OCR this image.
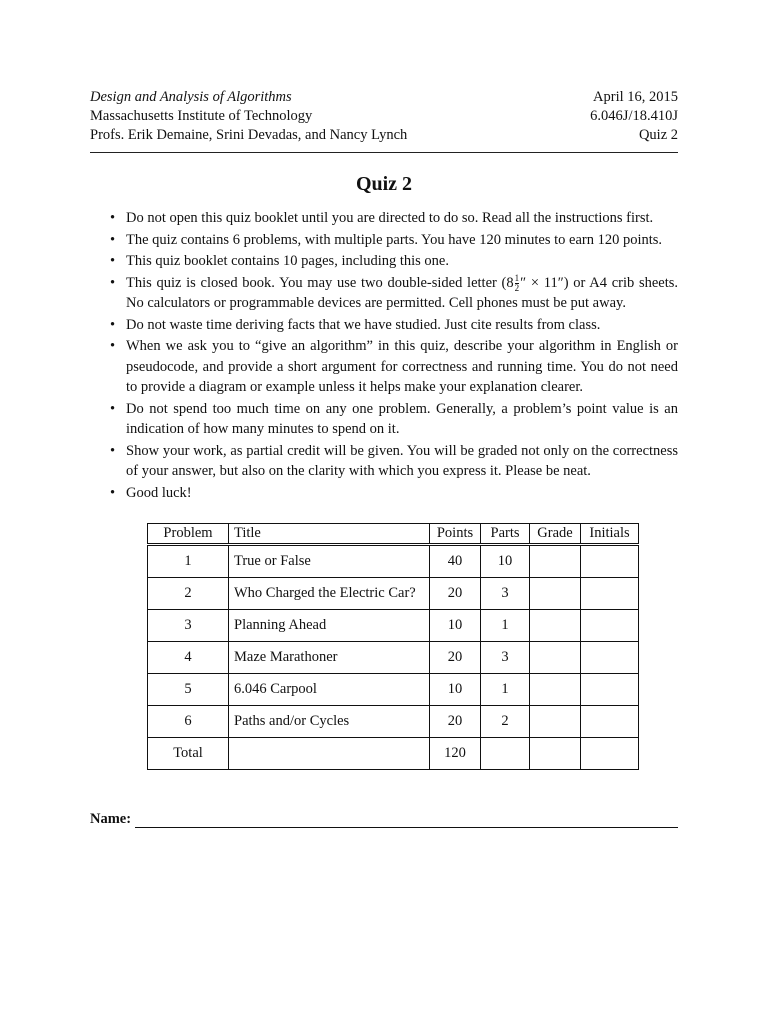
Design and Analysis of Algorithms
Massachusetts Institute of Technology
Profs. Erik Demaine, Srini Devadas, and Nancy Lynch
April 16, 2015
6.046J/18.410J
Quiz 2
Quiz 2
• Do not open this quiz booklet until you are directed to do so. Read all the instructions first.
• The quiz contains 6 problems, with multiple parts. You have 120 minutes to earn 120 points.
• This quiz booklet contains 10 pages, including this one.
• This quiz is closed book. You may use two double-sided letter ($8 \frac{1}{2}$ ″ × 11″) or A4 crib sheets. No calculators or programmable devices are permitted. Cell phones must be put away.
• Do not waste time deriving facts that we have studied. Just cite results from class.
• When we ask you to “give an algorithm” in this quiz, describe your algorithm in English or pseudocode, and provide a short argument for correctness and running time. You do not need to provide a diagram or example unless it helps make your explanation clearer.
• Do not spend too much time on any one problem. Generally, a problem’s point value is an indication of how many minutes to spend on it.
• Show your work, as partial credit will be given. You will be graded not only on the correctness of your answer, but also on the clarity with which you express it. Please be neat.
• Good luck!
Problem	Title	Points	Parts	Grade	Initials
1	True or False	40	10		
2	Who Charged the Electric Car?	20	3		
3	Planning Ahead	10	1		
4	Maze Marathoner	20	3		
5	6.046 Carpool	10	1		
6	Paths and/or Cycles	20	2		
Total		120			
Name:
